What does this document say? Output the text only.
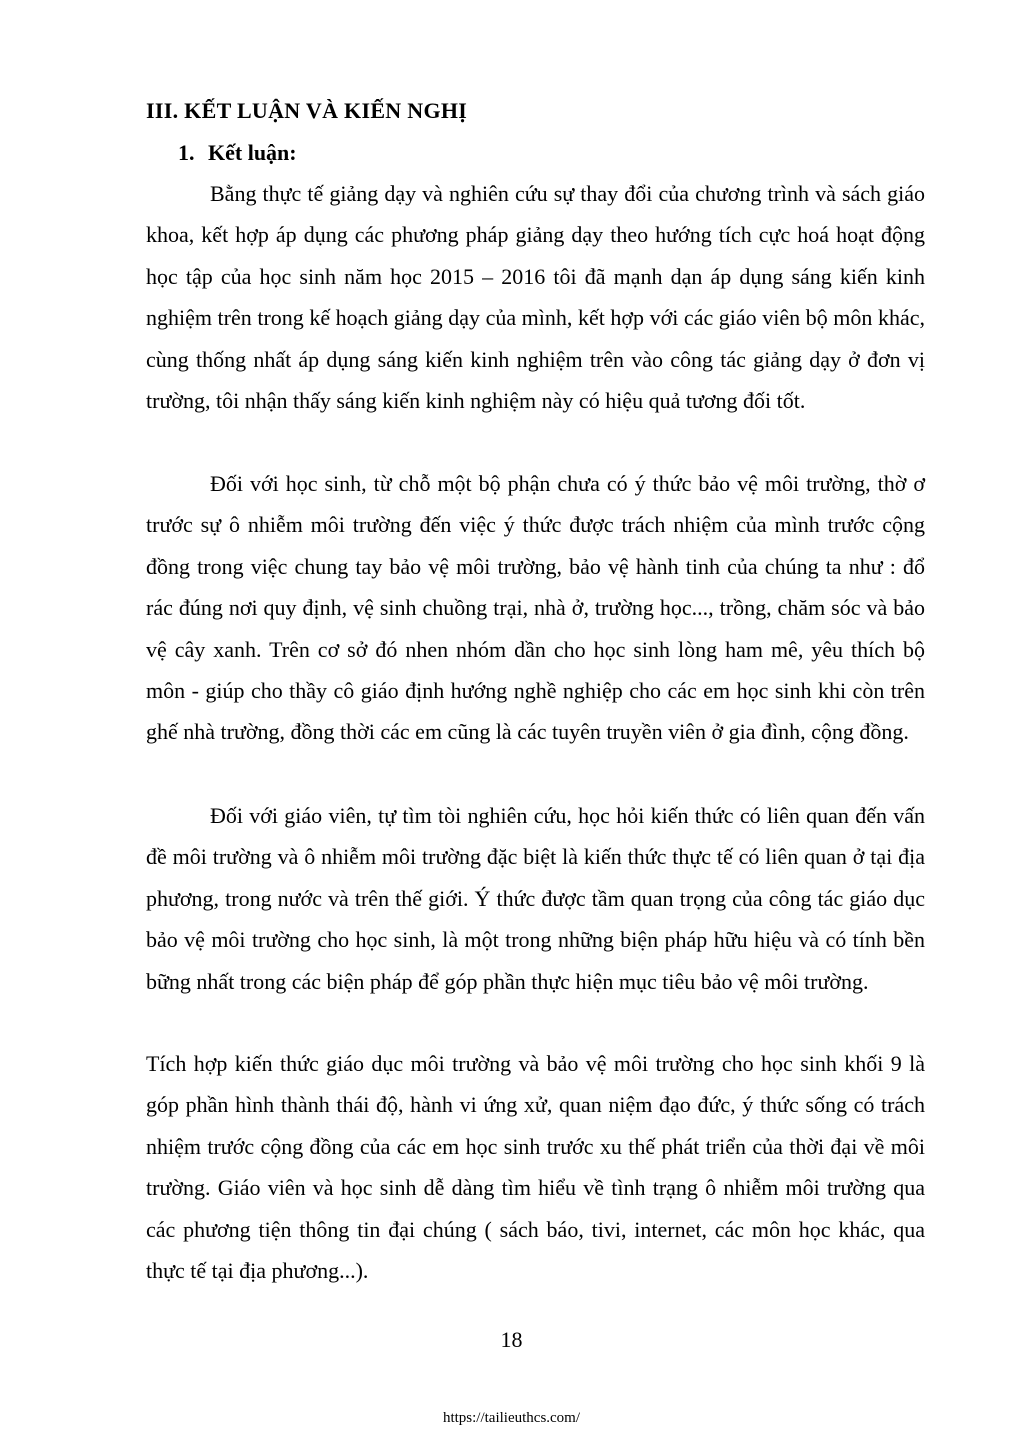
III. KẾT LUẬN VÀ KIẾN NGHỊ
1. Kết luận:

Bằng thực tế giảng dạy và nghiên cứu sự thay đổi của chương trình và sách giáo khoa, kết hợp áp dụng các phương pháp giảng dạy theo hướng tích cực hoá hoạt động học tập của học sinh năm học 2015 – 2016 tôi đã mạnh dạn áp dụng sáng kiến kinh nghiệm trên trong kế hoạch giảng dạy của mình, kết hợp với các giáo viên bộ môn khác, cùng thống nhất áp dụng sáng kiến kinh nghiệm trên vào công tác giảng dạy ở đơn vị trường, tôi nhận thấy sáng kiến kinh nghiệm này có hiệu quả tương đối tốt.

Đối với học sinh, từ chỗ một bộ phận chưa có ý thức bảo vệ môi trường, thờ ơ trước sự ô nhiễm môi trường đến việc ý thức được trách nhiệm của mình trước cộng đồng trong việc chung tay bảo vệ môi trường, bảo vệ hành tinh của chúng ta như : đổ rác đúng nơi quy định, vệ sinh chuồng trại, nhà ở, trường học..., trồng, chăm sóc và bảo vệ cây xanh. Trên cơ sở đó nhen nhóm dần cho học sinh lòng ham mê, yêu thích bộ môn - giúp cho thầy cô giáo định hướng nghề nghiệp cho các em học sinh khi còn trên ghế nhà trường, đồng thời các em cũng là các tuyên truyền viên ở gia đình, cộng đồng.

Đối với giáo viên, tự tìm tòi nghiên cứu, học hỏi kiến thức có liên quan đến vấn đề môi trường và ô nhiễm môi trường đặc biệt là kiến thức thực tế có liên quan ở tại địa phương, trong nước và trên thế giới. Ý thức được tầm quan trọng của công tác giáo dục bảo vệ môi trường cho học sinh, là một trong những biện pháp hữu hiệu và có tính bền bững nhất trong các biện pháp để góp phần thực hiện mục tiêu bảo vệ môi trường.

Tích hợp kiến thức giáo dục môi trường và bảo vệ môi trường cho học sinh khối 9 là góp phần hình thành thái độ, hành vi ứng xử, quan niệm đạo đức, ý thức sống có trách nhiệm trước cộng đồng của các em học sinh trước xu thế phát triển của thời đại về môi trường. Giáo viên và học sinh dễ dàng tìm hiểu về tình trạng ô nhiễm môi trường qua các phương tiện thông tin đại chúng ( sách báo, tivi, internet, các môn học khác, qua thực tế tại địa phương...).

18
https://tailieuthcs.com/
